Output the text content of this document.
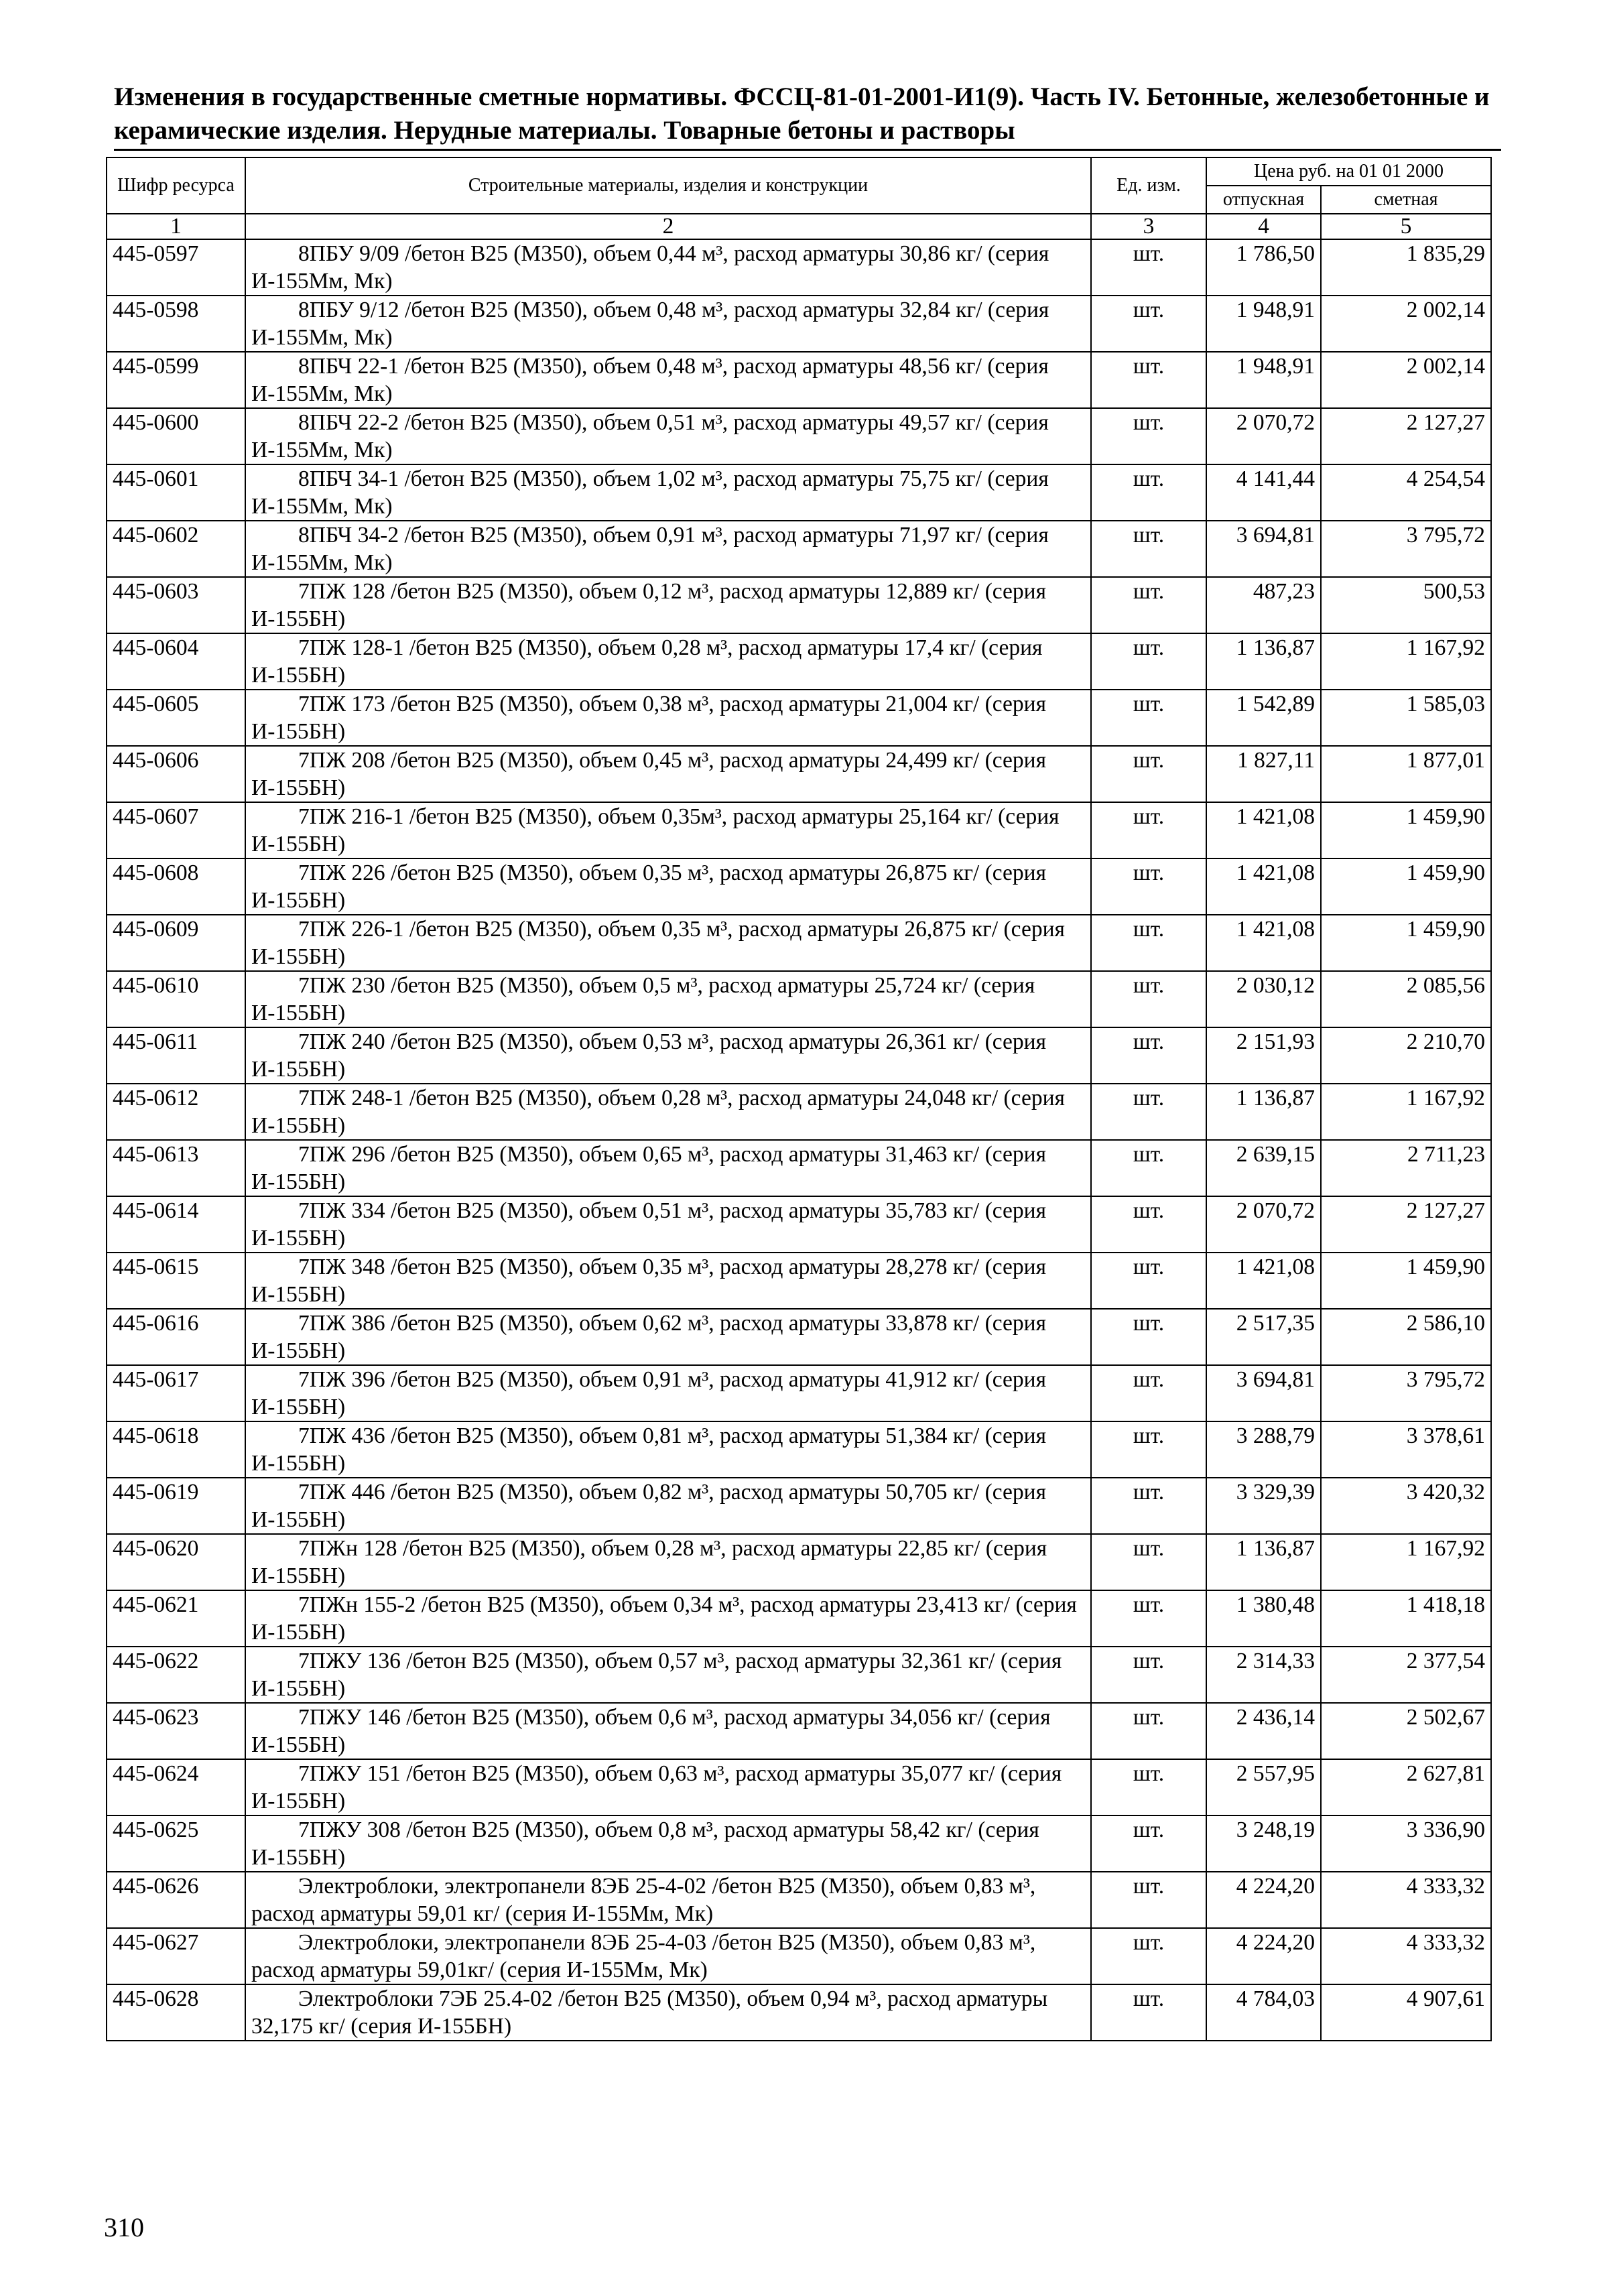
Изменения в государственные сметные нормативы. ФССЦ-81-01-2001-И1(9). Часть IV. Бетонные, железобетонные и керамические изделия. Нерудные материалы. Товарные бетоны и растворы
Шифр ресурса	Строительные материалы, изделия и конструкции	Ед. изм.	Цена руб. на 01 01 2000	
			отпускная	сметная
1	2	3	4	5
445-0597	8ПБУ 9/09 /бетон В25 (М350), объем 0,44 м³, расход арматуры 30,86 кг/ (серия И-155Мм, Мк)	шт.	1 786,50	1 835,29
445-0598	8ПБУ 9/12 /бетон В25 (М350), объем 0,48 м³, расход арматуры 32,84 кг/ (серия И-155Мм, Мк)	шт.	1 948,91	2 002,14
445-0599	8ПБЧ 22-1 /бетон В25 (М350), объем 0,48 м³, расход арматуры 48,56 кг/ (серия И-155Мм, Мк)	шт.	1 948,91	2 002,14
445-0600	8ПБЧ 22-2 /бетон В25 (М350), объем 0,51 м³, расход арматуры 49,57 кг/ (серия И-155Мм, Мк)	шт.	2 070,72	2 127,27
445-0601	8ПБЧ 34-1 /бетон В25 (М350), объем 1,02 м³, расход арматуры 75,75 кг/ (серия И-155Мм, Мк)	шт.	4 141,44	4 254,54
445-0602	8ПБЧ 34-2 /бетон В25 (М350), объем 0,91 м³, расход арматуры 71,97 кг/ (серия И-155Мм, Мк)	шт.	3 694,81	3 795,72
445-0603	7ПЖ 128 /бетон В25 (М350), объем 0,12 м³, расход арматуры 12,889 кг/ (серия И-155БН)	шт.	487,23	500,53
445-0604	7ПЖ 128-1 /бетон В25 (М350), объем 0,28 м³, расход арматуры 17,4 кг/ (серия И-155БН)	шт.	1 136,87	1 167,92
445-0605	7ПЖ 173 /бетон В25 (М350), объем 0,38 м³, расход арматуры 21,004 кг/ (серия И-155БН)	шт.	1 542,89	1 585,03
445-0606	7ПЖ 208 /бетон В25 (М350), объем 0,45 м³, расход арматуры 24,499 кг/ (серия И-155БН)	шт.	1 827,11	1 877,01
445-0607	7ПЖ 216-1 /бетон В25 (М350), объем 0,35м³, расход арматуры 25,164 кг/ (серия И-155БН)	шт.	1 421,08	1 459,90
445-0608	7ПЖ 226 /бетон В25 (М350), объем 0,35 м³, расход арматуры 26,875 кг/ (серия И-155БН)	шт.	1 421,08	1 459,90
445-0609	7ПЖ 226-1 /бетон В25 (М350), объем 0,35 м³, расход арматуры 26,875 кг/ (серия И-155БН)	шт.	1 421,08	1 459,90
445-0610	7ПЖ 230 /бетон В25 (М350), объем 0,5 м³, расход арматуры 25,724 кг/ (серия И-155БН)	шт.	2 030,12	2 085,56
445-0611	7ПЖ 240 /бетон В25 (М350), объем 0,53 м³, расход арматуры 26,361 кг/ (серия И-155БН)	шт.	2 151,93	2 210,70
445-0612	7ПЖ 248-1 /бетон В25 (М350), объем 0,28 м³, расход арматуры 24,048 кг/ (серия И-155БН)	шт.	1 136,87	1 167,92
445-0613	7ПЖ 296 /бетон В25 (М350), объем 0,65 м³, расход арматуры 31,463 кг/ (серия И-155БН)	шт.	2 639,15	2 711,23
445-0614	7ПЖ 334 /бетон В25 (М350), объем 0,51 м³, расход арматуры 35,783 кг/ (серия И-155БН)	шт.	2 070,72	2 127,27
445-0615	7ПЖ 348 /бетон В25 (М350), объем 0,35 м³, расход арматуры 28,278 кг/ (серия И-155БН)	шт.	1 421,08	1 459,90
445-0616	7ПЖ 386 /бетон В25 (М350), объем 0,62 м³, расход арматуры 33,878 кг/ (серия И-155БН)	шт.	2 517,35	2 586,10
445-0617	7ПЖ 396 /бетон В25 (М350), объем 0,91 м³, расход арматуры 41,912 кг/ (серия И-155БН)	шт.	3 694,81	3 795,72
445-0618	7ПЖ 436 /бетон В25 (М350), объем 0,81 м³, расход арматуры 51,384 кг/ (серия И-155БН)	шт.	3 288,79	3 378,61
445-0619	7ПЖ 446 /бетон В25 (М350), объем 0,82 м³, расход арматуры 50,705 кг/ (серия И-155БН)	шт.	3 329,39	3 420,32
445-0620	7ПЖн 128 /бетон В25 (М350), объем 0,28 м³, расход арматуры 22,85 кг/ (серия И-155БН)	шт.	1 136,87	1 167,92
445-0621	7ПЖн 155-2 /бетон В25 (М350), объем 0,34 м³, расход арматуры 23,413 кг/ (серия И-155БН)	шт.	1 380,48	1 418,18
445-0622	7ПЖУ 136 /бетон В25 (М350), объем 0,57 м³, расход арматуры 32,361 кг/ (серия И-155БН)	шт.	2 314,33	2 377,54
445-0623	7ПЖУ 146 /бетон В25 (М350), объем 0,6 м³, расход арматуры 34,056 кг/ (серия И-155БН)	шт.	2 436,14	2 502,67
445-0624	7ПЖУ 151 /бетон В25 (М350), объем 0,63 м³, расход арматуры 35,077 кг/ (серия И-155БН)	шт.	2 557,95	2 627,81
445-0625	7ПЖУ 308 /бетон В25 (М350), объем 0,8 м³, расход арматуры 58,42 кг/ (серия И-155БН)	шт.	3 248,19	3 336,90
445-0626	Электроблоки, электропанели 8ЭБ 25-4-02 /бетон В25 (М350), объем 0,83 м³, расход арматуры 59,01 кг/ (серия И-155Мм, Мк)	шт.	4 224,20	4 333,32
445-0627	Электроблоки, электропанели 8ЭБ 25-4-03 /бетон В25 (М350), объем 0,83 м³, расход арматуры 59,01кг/ (серия И-155Мм, Мк)	шт.	4 224,20	4 333,32
445-0628	Электроблоки 7ЭБ 25.4-02 /бетон В25 (М350), объем 0,94 м³, расход арматуры 32,175 кг/ (серия И-155БН)	шт.	4 784,03	4 907,61
310
